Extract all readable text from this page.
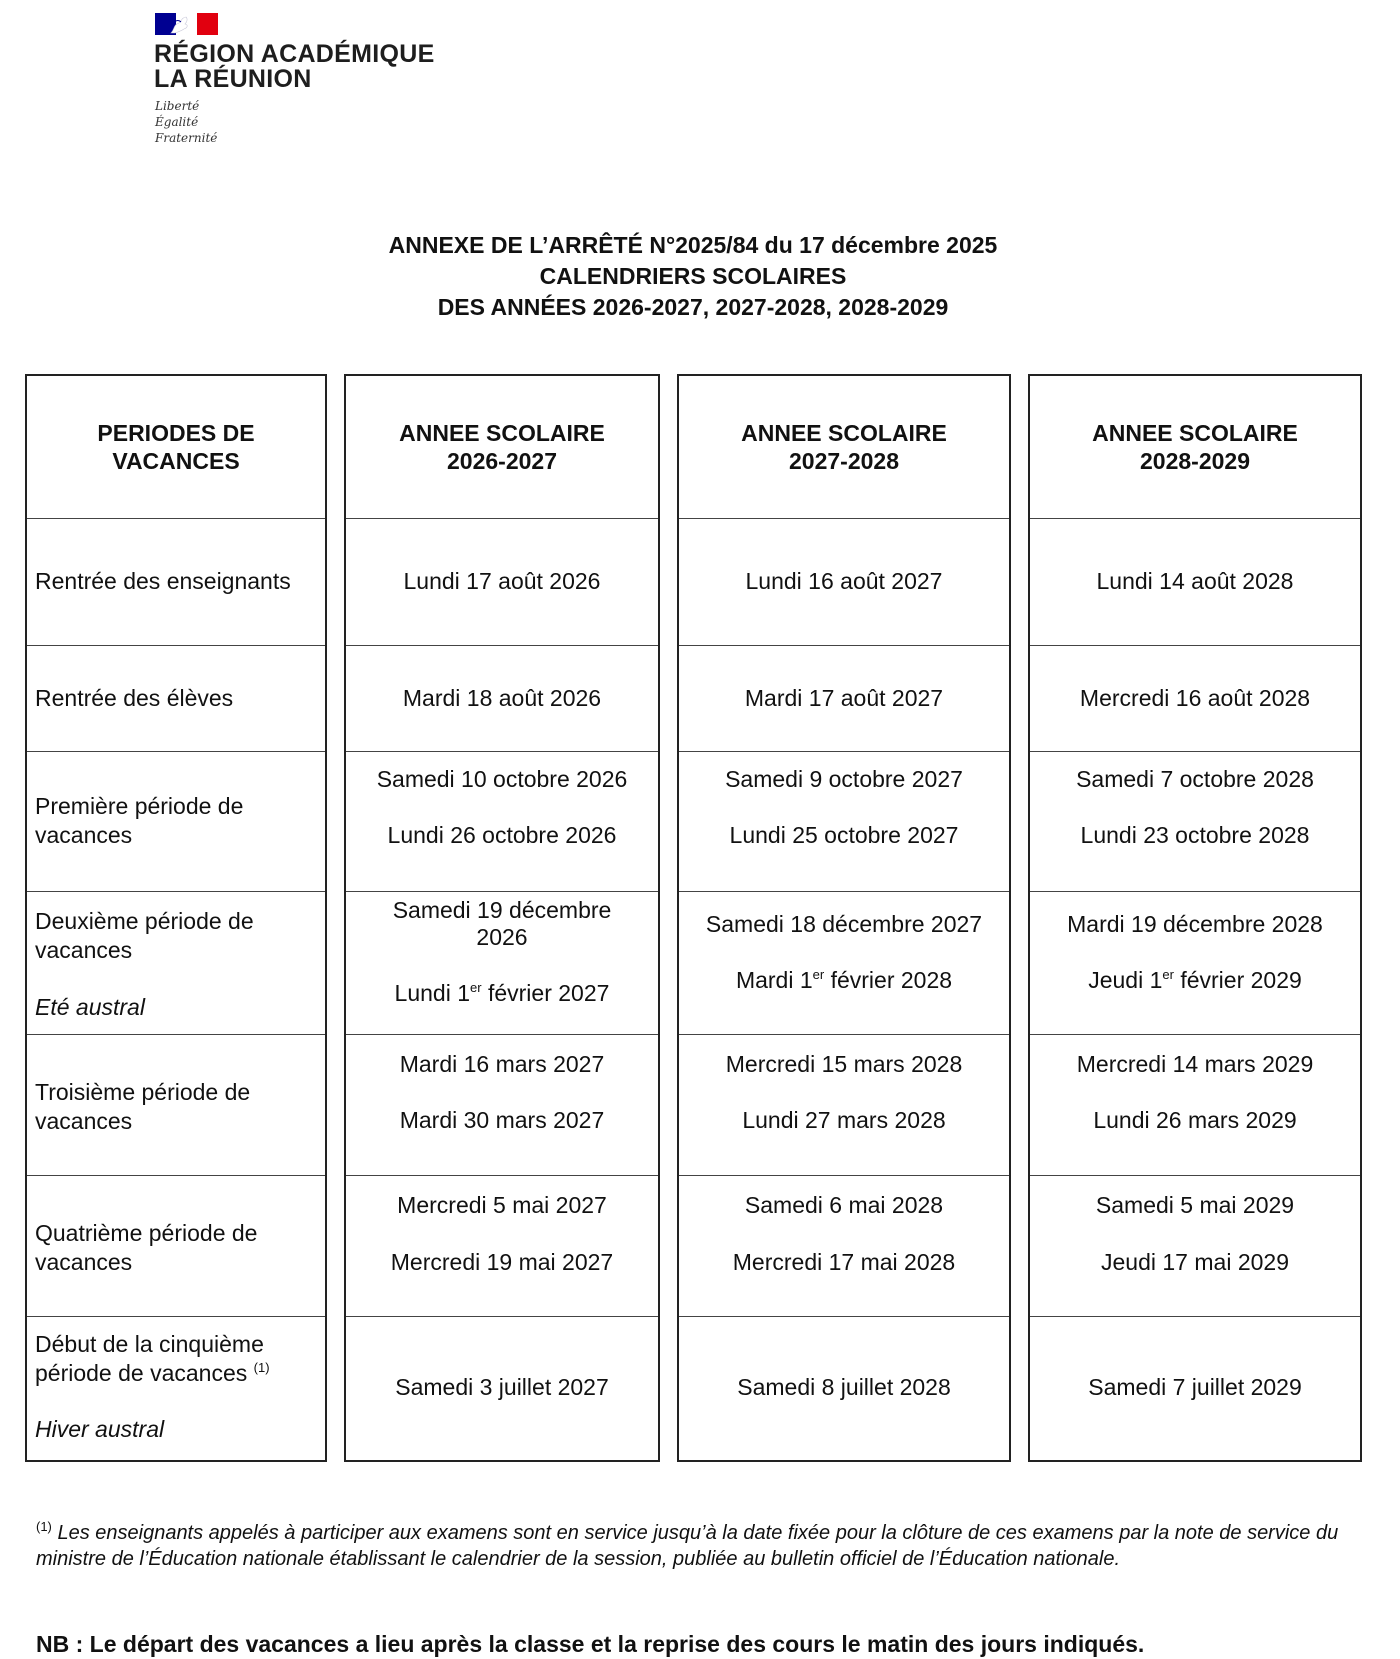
RÉGION ACADÉMIQUE
LA RÉUNION
Liberté
Égalité
Fraternité
ANNEXE DE L’ARRÊTÉ N°2025/84 du 17 décembre 2025
CALENDRIERS SCOLAIRES
DES ANNÉES 2026-2027, 2027-2028, 2028-2029
PERIODES DE
VACANCES
Rentrée des enseignants
Rentrée des élèves
Première période de
vacances
Deuxième période de
vacances
Eté austral
Troisième période de
vacances
Quatrième période de
vacances
Début de la cinquième
période de vacances $^{(1)}$
Hiver austral
ANNEE SCOLAIRE
2026-2027
Lundi 17 août 2026
Mardi 18 août 2026
Samedi 10 octobre 2026
Lundi 26 octobre 2026
Samedi 19 décembre
2026
Lundi 1er février 2027
Mardi 16 mars 2027
Mardi 30 mars 2027
Mercredi 5 mai 2027
Mercredi 19 mai 2027
Samedi 3 juillet 2027
ANNEE SCOLAIRE
2027-2028
Lundi 16 août 2027
Mardi 17 août 2027
Samedi 9 octobre 2027
Lundi 25 octobre 2027
Samedi 18 décembre 2027
Mardi 1er février 2028
Mercredi 15 mars 2028
Lundi 27 mars 2028
Samedi 6 mai 2028
Mercredi 17 mai 2028
Samedi 8 juillet 2028
ANNEE SCOLAIRE
2028-2029
Lundi 14 août 2028
Mercredi 16 août 2028
Samedi 7 octobre 2028
Lundi 23 octobre 2028
Mardi 19 décembre 2028
Jeudi 1er février 2029
Mercredi 14 mars 2029
Lundi 26 mars 2029
Samedi 5 mai 2029
Jeudi 17 mai 2029
Samedi 7 juillet 2029
$^{(1)}$ Les enseignants appelés à participer aux examens sont en service jusqu’à la date fixée pour la clôture de ces examens par la note de service du ministre de l’Éducation nationale établissant le calendrier de la session, publiée au bulletin officiel de l’Éducation nationale.
NB : Le départ des vacances a lieu après la classe et la reprise des cours le matin des jours indiqués.
